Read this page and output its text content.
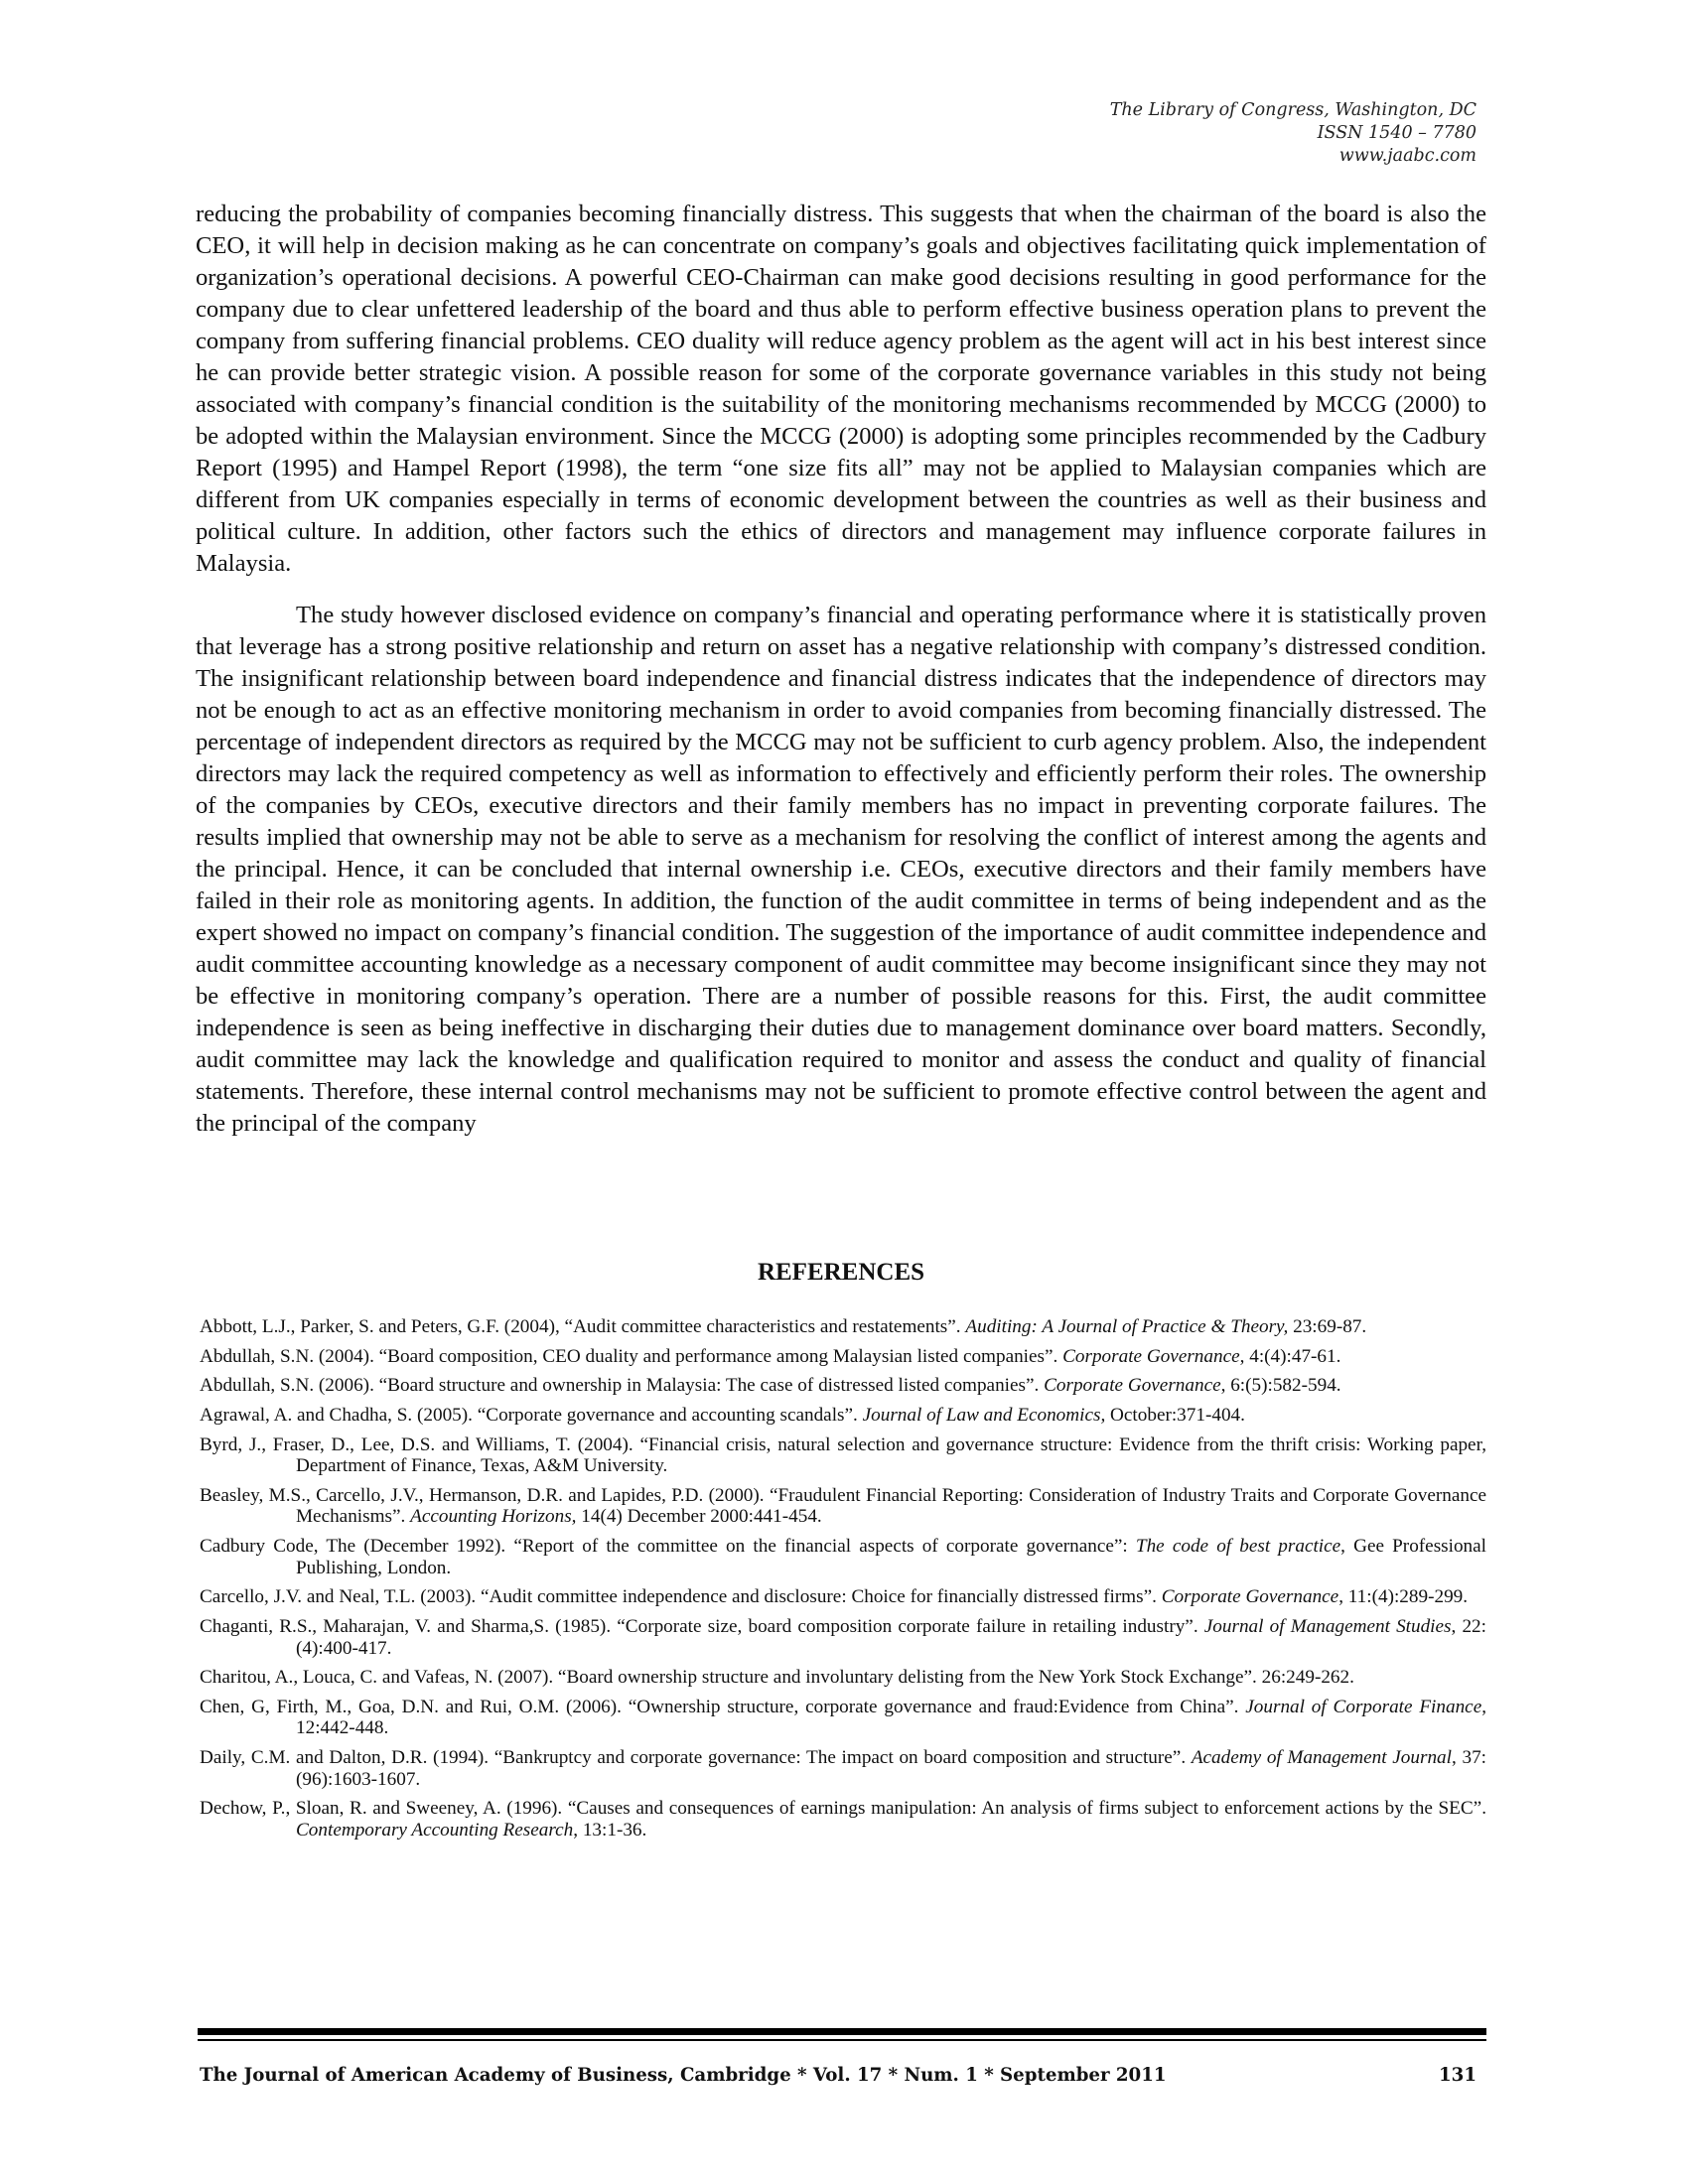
The Library of Congress, Washington, DC
ISSN 1540 – 7780
www.jaabc.com

reducing the probability of companies becoming financially distress. This suggests that when the chairman of the board is also the CEO, it will help in decision making as he can concentrate on company’s goals and objectives facilitating quick implementation of organization’s operational decisions. A powerful CEO-Chairman can make good decisions resulting in good performance for the company due to clear unfettered leadership of the board and thus able to perform effective business operation plans to prevent the company from suffering financial problems. CEO duality will reduce agency problem as the agent will act in his best interest since he can provide better strategic vision. A possible reason for some of the corporate governance variables in this study not being associated with company’s financial condition is the suitability of the monitoring mechanisms recommended by MCCG (2000) to be adopted within the Malaysian environment. Since the MCCG (2000) is adopting some principles recommended by the Cadbury Report (1995) and Hampel Report (1998), the term “one size fits all” may not be applied to Malaysian companies which are different from UK companies especially in terms of economic development between the countries as well as their business and political culture. In addition, other factors such the ethics of directors and management may influence corporate failures in Malaysia.

The study however disclosed evidence on company’s financial and operating performance where it is statistically proven that leverage has a strong positive relationship and return on asset has a negative relationship with company’s distressed condition. The insignificant relationship between board independence and financial distress indicates that the independence of directors may not be enough to act as an effective monitoring mechanism in order to avoid companies from becoming financially distressed. The percentage of independent directors as required by the MCCG may not be sufficient to curb agency problem. Also, the independent directors may lack the required competency as well as information to effectively and efficiently perform their roles. The ownership of the companies by CEOs, executive directors and their family members has no impact in preventing corporate failures. The results implied that ownership may not be able to serve as a mechanism for resolving the conflict of interest among the agents and the principal. Hence, it can be concluded that internal ownership i.e. CEOs, executive directors and their family members have failed in their role as monitoring agents. In addition, the function of the audit committee in terms of being independent and as the expert showed no impact on company’s financial condition. The suggestion of the importance of audit committee independence and audit committee accounting knowledge as a necessary component of audit committee may become insignificant since they may not be effective in monitoring company’s operation. There are a number of possible reasons for this. First, the audit committee independence is seen as being ineffective in discharging their duties due to management dominance over board matters. Secondly, audit committee may lack the knowledge and qualification required to monitor and assess the conduct and quality of financial statements. Therefore, these internal control mechanisms may not be sufficient to promote effective control between the agent and the principal of the company

REFERENCES
Abbott, L.J., Parker, S. and Peters, G.F. (2004), “Audit committee characteristics and restatements”. Auditing: A Journal of Practice & Theory, 23:69-87.
Abdullah, S.N. (2004). “Board composition, CEO duality and performance among Malaysian listed companies”. Corporate Governance, 4:(4):47-61.
Abdullah, S.N. (2006). “Board structure and ownership in Malaysia: The case of distressed listed companies”. Corporate Governance, 6:(5):582-594.
Agrawal, A. and Chadha, S. (2005). “Corporate governance and accounting scandals”. Journal of Law and Economics, October:371-404.
Byrd, J., Fraser, D., Lee, D.S. and Williams, T. (2004). “Financial crisis, natural selection and governance structure: Evidence from the thrift crisis: Working paper, Department of Finance, Texas, A&M University.
Beasley, M.S., Carcello, J.V., Hermanson, D.R. and Lapides, P.D. (2000). “Fraudulent Financial Reporting: Consideration of Industry Traits and Corporate Governance Mechanisms”. Accounting Horizons, 14(4) December 2000:441-454.
Cadbury Code, The (December 1992). “Report of the committee on the financial aspects of corporate governance”: The code of best practice, Gee Professional Publishing, London.
Carcello, J.V. and Neal, T.L. (2003). “Audit committee independence and disclosure: Choice for financially distressed firms”. Corporate Governance, 11:(4):289-299.
Chaganti, R.S., Maharajan, V. and Sharma,S. (1985). “Corporate size, board composition corporate failure in retailing industry”. Journal of Management Studies, 22:(4):400-417.
Charitou, A., Louca, C. and Vafeas, N. (2007). “Board ownership structure and involuntary delisting from the New York Stock Exchange”. 26:249-262.
Chen, G, Firth, M., Goa, D.N. and Rui, O.M. (2006). “Ownership structure, corporate governance and fraud:Evidence from China”. Journal of Corporate Finance, 12:442-448.
Daily, C.M. and Dalton, D.R. (1994). “Bankruptcy and corporate governance: The impact on board composition and structure”. Academy of Management Journal, 37:(96):1603-1607.
Dechow, P., Sloan, R. and Sweeney, A. (1996). “Causes and consequences of earnings manipulation: An analysis of firms subject to enforcement actions by the SEC”. Contemporary Accounting Research, 13:1-36.
The Journal of American Academy of Business, Cambridge * Vol. 17 * Num. 1 * September 2011	131
